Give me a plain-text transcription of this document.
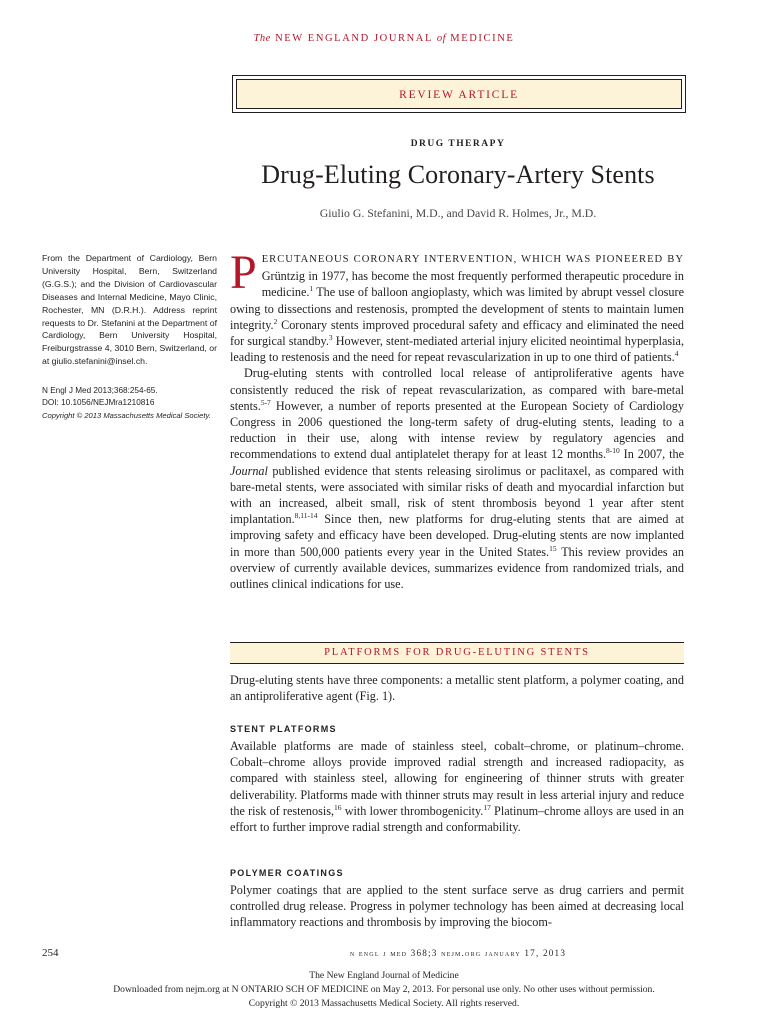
The NEW ENGLAND JOURNAL of MEDICINE
REVIEW ARTICLE
DRUG THERAPY
Drug-Eluting Coronary-Artery Stents
Giulio G. Stefanini, M.D., and David R. Holmes, Jr., M.D.
From the Department of Cardiology, Bern University Hospital, Bern, Switzerland (G.G.S.); and the Division of Cardiovascular Diseases and Internal Medicine, Mayo Clinic, Rochester, MN (D.R.H.). Address reprint requests to Dr. Stefanini at the Department of Cardiology, Bern University Hospital, Freiburgstrasse 4, 3010 Bern, Switzerland, or at giulio.stefanini@insel.ch.
N Engl J Med 2013;368:254-65.
DOI: 10.1056/NEJMra1210816
Copyright © 2013 Massachusetts Medical Society.

PERCUTANEOUS CORONARY INTERVENTION, WHICH WAS PIONEERED BY Grüntzig in 1977, has become the most frequently performed therapeutic procedure in medicine.$^1$ The use of balloon angioplasty, which was limited by abrupt vessel closure owing to dissections and restenosis, prompted the development of stents to maintain lumen integrity.$^2$ Coronary stents improved procedural safety and efficacy and eliminated the need for surgical standby.$^3$ However, stent-mediated arterial injury elicited neointimal hyperplasia, leading to restenosis and the need for repeat revascularization in up to one third of patients.$^4$

Drug-eluting stents with controlled local release of antiproliferative agents have consistently reduced the risk of repeat revascularization, as compared with bare-metal stents.$^{5-7}$ However, a number of reports presented at the European Society of Cardiology Congress in 2006 questioned the long-term safety of drug-eluting stents, leading to a reduction in their use, along with intense review by regulatory agencies and recommendations to extend dual antiplatelet therapy for at least 12 months.$^{8-10}$ In 2007, the Journal published evidence that stents releasing sirolimus or paclitaxel, as compared with bare-metal stents, were associated with similar risks of death and myocardial infarction but with an increased, albeit small, risk of stent thrombosis beyond 1 year after stent implantation.$^{8,11-14}$ Since then, new platforms for drug-eluting stents that are aimed at improving safety and efficacy have been developed. Drug-eluting stents are now implanted in more than 500,000 patients every year in the United States.$^{15}$ This review provides an overview of currently available devices, summarizes evidence from randomized trials, and outlines clinical indications for use.

PLATFORMS FOR DRUG-ELUTING STENTS
Drug-eluting stents have three components: a metallic stent platform, a polymer coating, and an antiproliferative agent (Fig. 1).
STENT PLATFORMS
Available platforms are made of stainless steel, cobalt–chrome, or platinum–chrome. Cobalt–chrome alloys provide improved radial strength and increased radiopacity, as compared with stainless steel, allowing for engineering of thinner struts with greater deliverability. Platforms made with thinner struts may result in less arterial injury and reduce the risk of restenosis,$^{16}$ with lower thrombogenicity.$^{17}$ Platinum–chrome alloys are used in an effort to further improve radial strength and conformability.
POLYMER COATINGS
Polymer coatings that are applied to the stent surface serve as drug carriers and permit controlled drug release. Progress in polymer technology has been aimed at decreasing local inflammatory reactions and thrombosis by improving the biocom-
254	n engl j med 368;3 nejm.org january 17, 2013
The New England Journal of Medicine
Downloaded from nejm.org at N ONTARIO SCH OF MEDICINE on May 2, 2013. For personal use only. No other uses without permission.
Copyright © 2013 Massachusetts Medical Society. All rights reserved.
